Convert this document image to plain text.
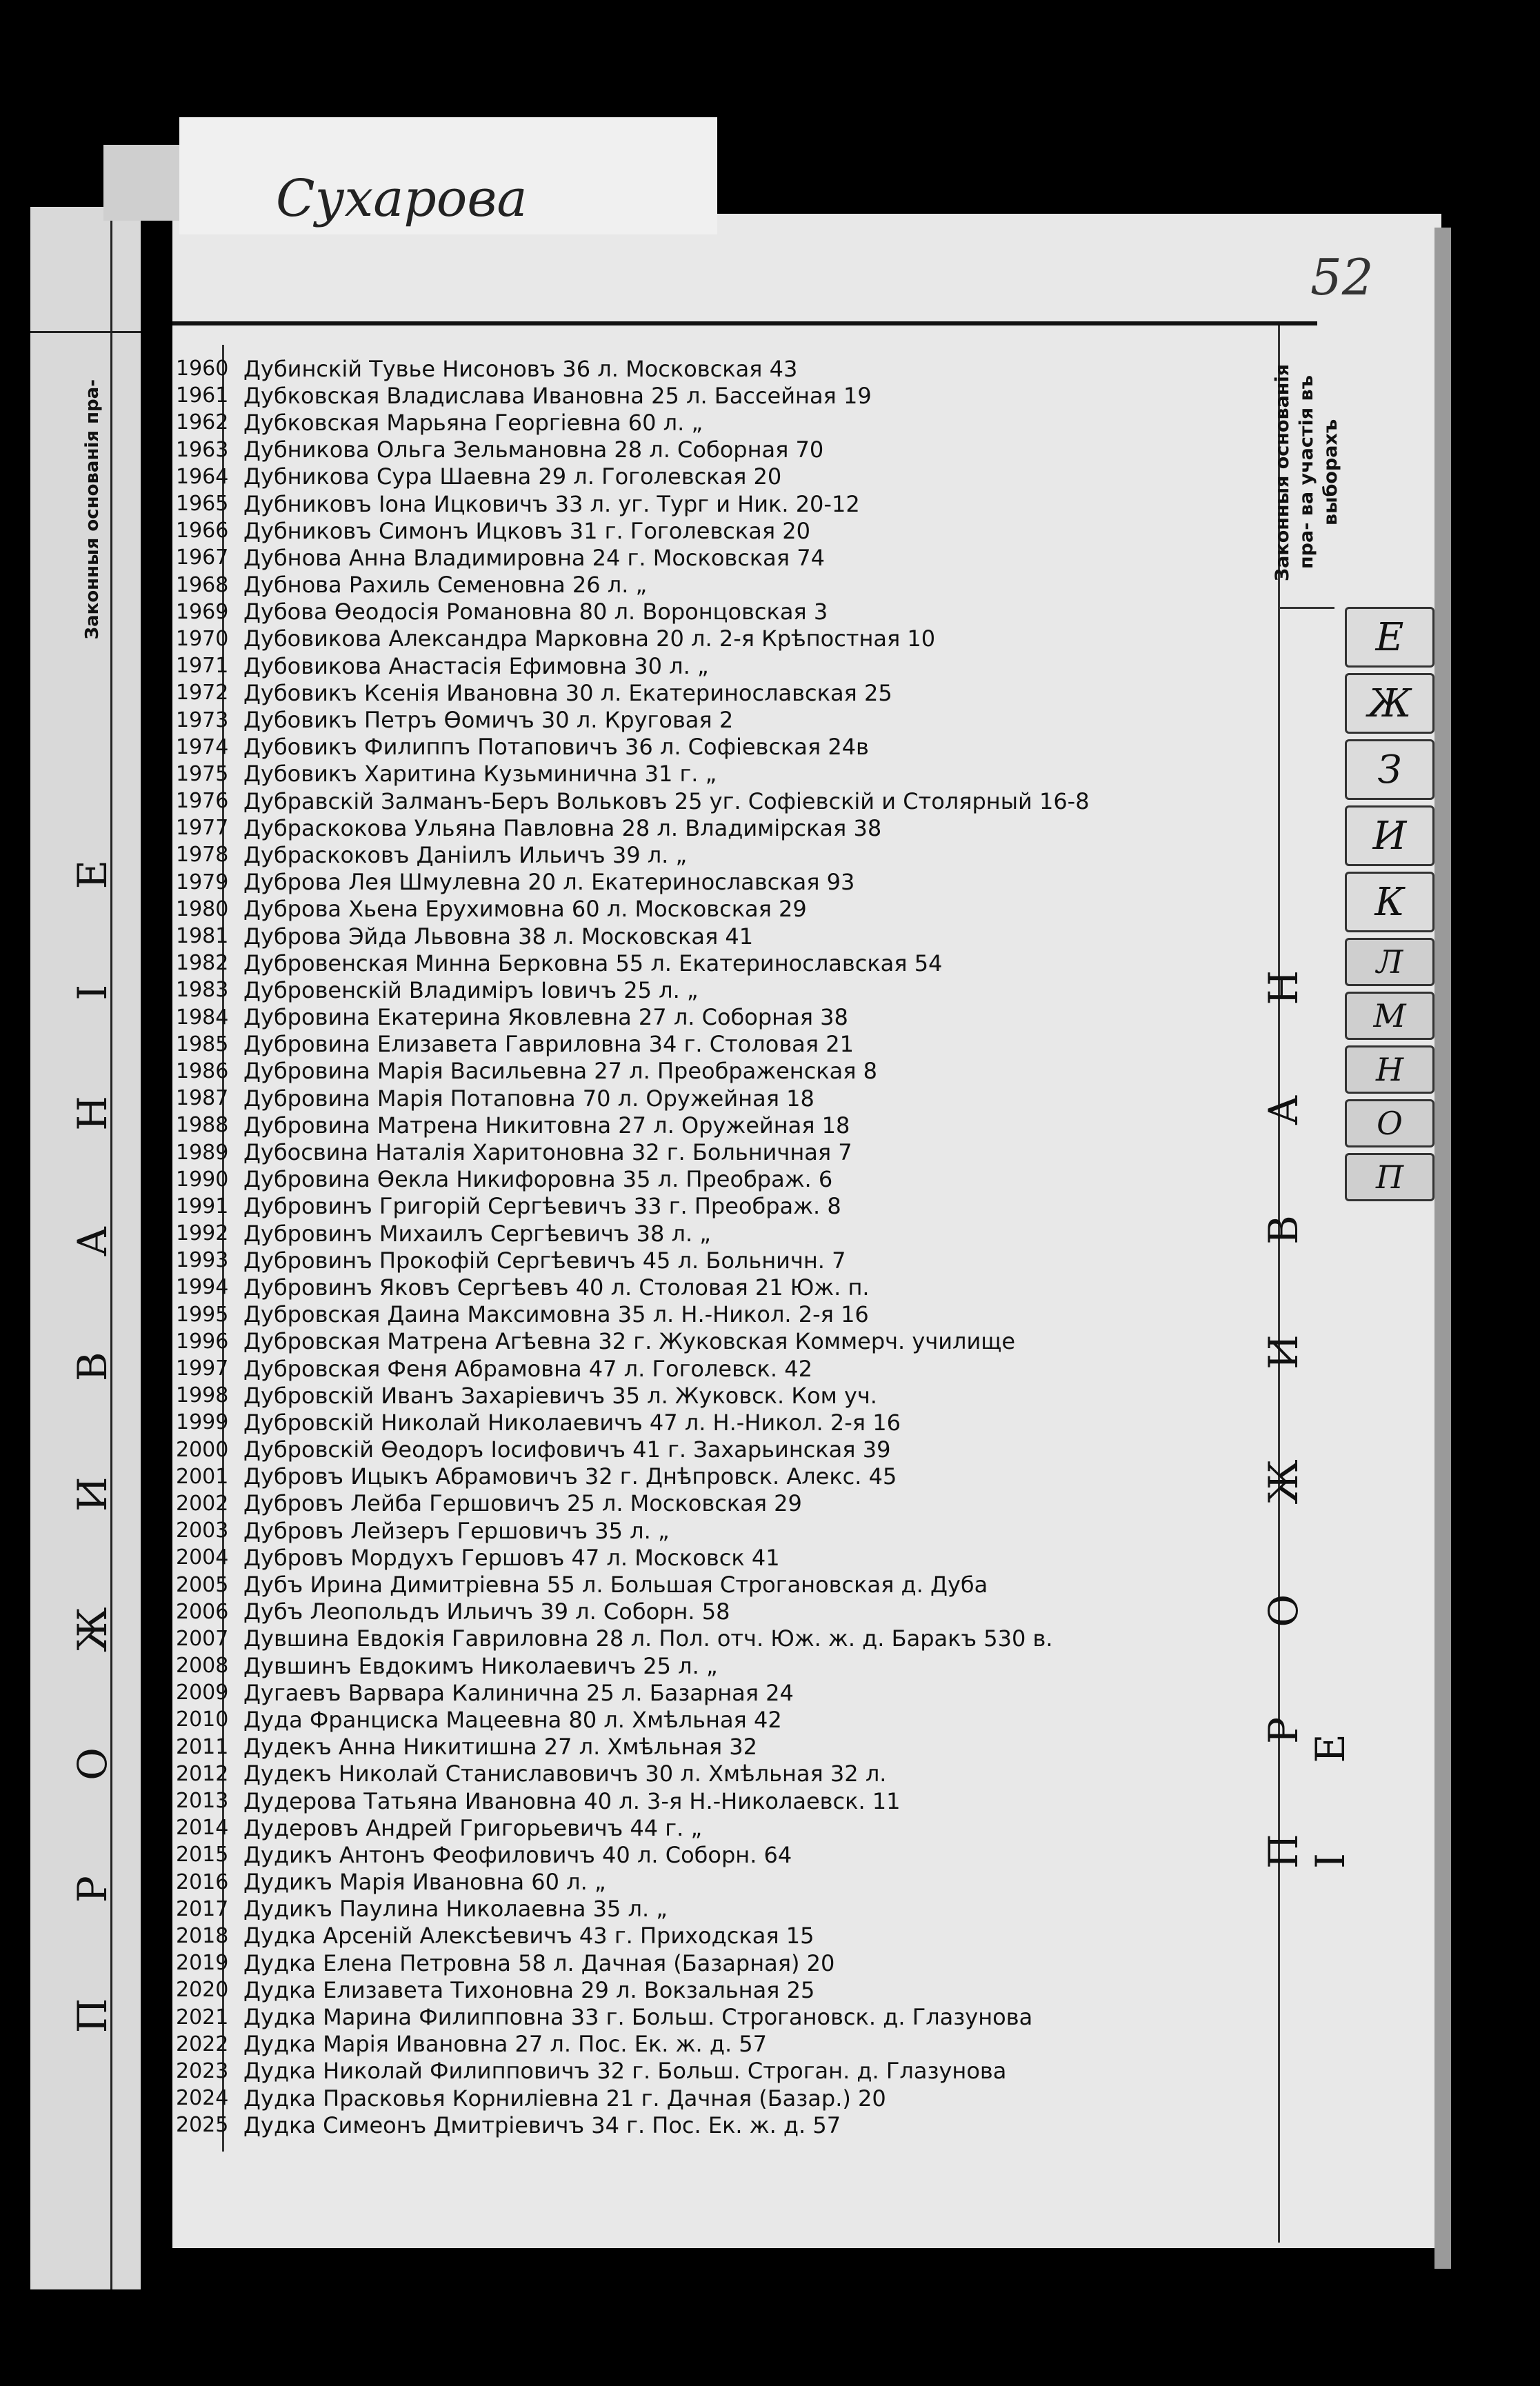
Законныя основанія пра-
П Р О Ж И В А Н І Е
Сухарова
52
1960 Дубинскій Тувье Нисоновъ 36 л. Московская 43
1961 Дубковская Владислава Ивановна 25 л. Бассейная 19
1962 Дубковская Марьяна Георгіевна 60 л. „
1963 Дубникова Ольга Зельмановна 28 л. Соборная 70
1964 Дубникова Сура Шаевна 29 л. Гоголевская 20
1965 Дубниковъ Іона Ицковичъ 33 л. уг. Тург и Ник. 20-12
1966 Дубниковъ Симонъ Ицковъ 31 г. Гоголевская 20
1967 Дубнова Анна Владимировна 24 г. Московская 74
1968 Дубнова Рахиль Семеновна 26 л. „
1969 Дубова Өеодосія Романовна 80 л. Воронцовская 3
1970 Дубовикова Александра Марковна 20 л. 2-я Крѣпостная 10
1971 Дубовикова Анастасія Ефимовна 30 л. „
1972 Дубовикъ Ксенія Ивановна 30 л. Екатеринославская 25
1973 Дубовикъ Петръ Өомичъ 30 л. Круговая 2
1974 Дубовикъ Филиппъ Потаповичъ 36 л. Софіевская 24в
1975 Дубовикъ Харитина Кузьминична 31 г. „
1976 Дубравскій Залманъ-Беръ Вольковъ 25 уг. Софіевскій и Столярный 16-8
1977 Дубраскокова Ульяна Павловна 28 л. Владимірская 38
1978 Дубраскоковъ Даніилъ Ильичъ 39 л. „
1979 Дуброва Лея Шмулевна 20 л. Екатеринославская 93
1980 Дуброва Хьена Ерухимовна 60 л. Московская 29
1981 Дуброва Эйда Львовна 38 л. Московская 41
1982 Дубровенская Минна Берковна 55 л. Екатеринославская 54
1983 Дубровенскій Владиміръ Іовичъ 25 л. „
1984 Дубровина Екатерина Яковлевна 27 л. Соборная 38
1985 Дубровина Елизавета Гавриловна 34 г. Столовая 21
1986 Дубровина Марія Васильевна 27 л. Преображенская 8
1987 Дубровина Марія Потаповна 70 л. Оружейная 18
1988 Дубровина Матрена Никитовна 27 л. Оружейная 18
1989 Дубосвина Наталія Харитоновна 32 г. Больничная 7
1990 Дубровина Өекла Никифоровна 35 л. Преображ. 6
1991 Дубровинъ Григорій Сергѣевичъ 33 г. Преображ. 8
1992 Дубровинъ Михаилъ Сергѣевичъ 38 л. „
1993 Дубровинъ Прокофій Сергѣевичъ 45 л. Больничн. 7
1994 Дубровинъ Яковъ Сергѣевъ 40 л. Столовая 21 Юж. п.
1995 Дубровская Даина Максимовна 35 л. Н.-Никол. 2-я 16
1996 Дубровская Матрена Агѣевна 32 г. Жуковская Коммерч. училище
1997 Дубровская Феня Абрамовна 47 л. Гоголевск. 42
1998 Дубровскій Иванъ Захаріевичъ 35 л. Жуковск. Ком уч.
1999 Дубровскій Николай Николаевичъ 47 л. Н.-Никол. 2-я 16
2000 Дубровскій Өеодоръ Іосифовичъ 41 г. Захарьинская 39
2001 Дубровъ Ицыкъ Абрамовичъ 32 г. Днѣпровск. Алекс. 45
2002 Дубровъ Лейба Гершовичъ 25 л. Московская 29
2003 Дубровъ Лейзеръ Гершовичъ 35 л. „
2004 Дубровъ Мордухъ Гершовъ 47 л. Московск 41
2005 Дубъ Ирина Димитріевна 55 л. Большая Строгановская д. Дуба
2006 Дубъ Леопольдъ Ильичъ 39 л. Соборн. 58
2007 Дувшина Евдокія Гавриловна 28 л. Пол. отч. Юж. ж. д. Баракъ 530 в.
2008 Дувшинъ Евдокимъ Николаевичъ 25 л. „
2009 Дугаевъ Варвара Калинична 25 л. Базарная 24
2010 Дуда Францискa Мацеевна 80 л. Хмѣльная 42
2011 Дудекъ Анна Никитишна 27 л. Хмѣльная 32
2012 Дудекъ Николай Станиславовичъ 30 л. Хмѣльная 32 л.
2013 Дудерова Татьяна Ивановна 40 л. 3-я Н.-Николаевск. 11
2014 Дудеровъ Андрей Григорьевичъ 44 г. „
2015 Дудикъ Антонъ Феофиловичъ 40 л. Соборн. 64
2016 Дудикъ Марія Ивановна 60 л. „
2017 Дудикъ Паулина Николаевна 35 л. „
2018 Дудка Арсеній Алексѣевичъ 43 г. Приходская 15
2019 Дудка Елена Петровна 58 л. Дачная (Базарная) 20
2020 Дудка Елизавета Тихоновна 29 л. Вокзальная 25
2021 Дудка Марина Филипповна 33 г. Больш. Строгановск. д. Глазунова
2022 Дудка Марія Ивановна 27 л. Пос. Ек. ж. д. 57
2023 Дудка Николай Филипповичъ 32 г. Больш. Строган. д. Глазунова
2024 Дудка Прасковья Корниліевна 21 г. Дачная (Базар.) 20
2025 Дудка Симеонъ Дмитріевичъ 34 г. Пос. Ек. ж. д. 57
Законныя основанія пра- ва участія въ выборахъ
П Р О Ж И В А Н І Е
Е
Ж
З
И
К
Л
М
Н
О
П
